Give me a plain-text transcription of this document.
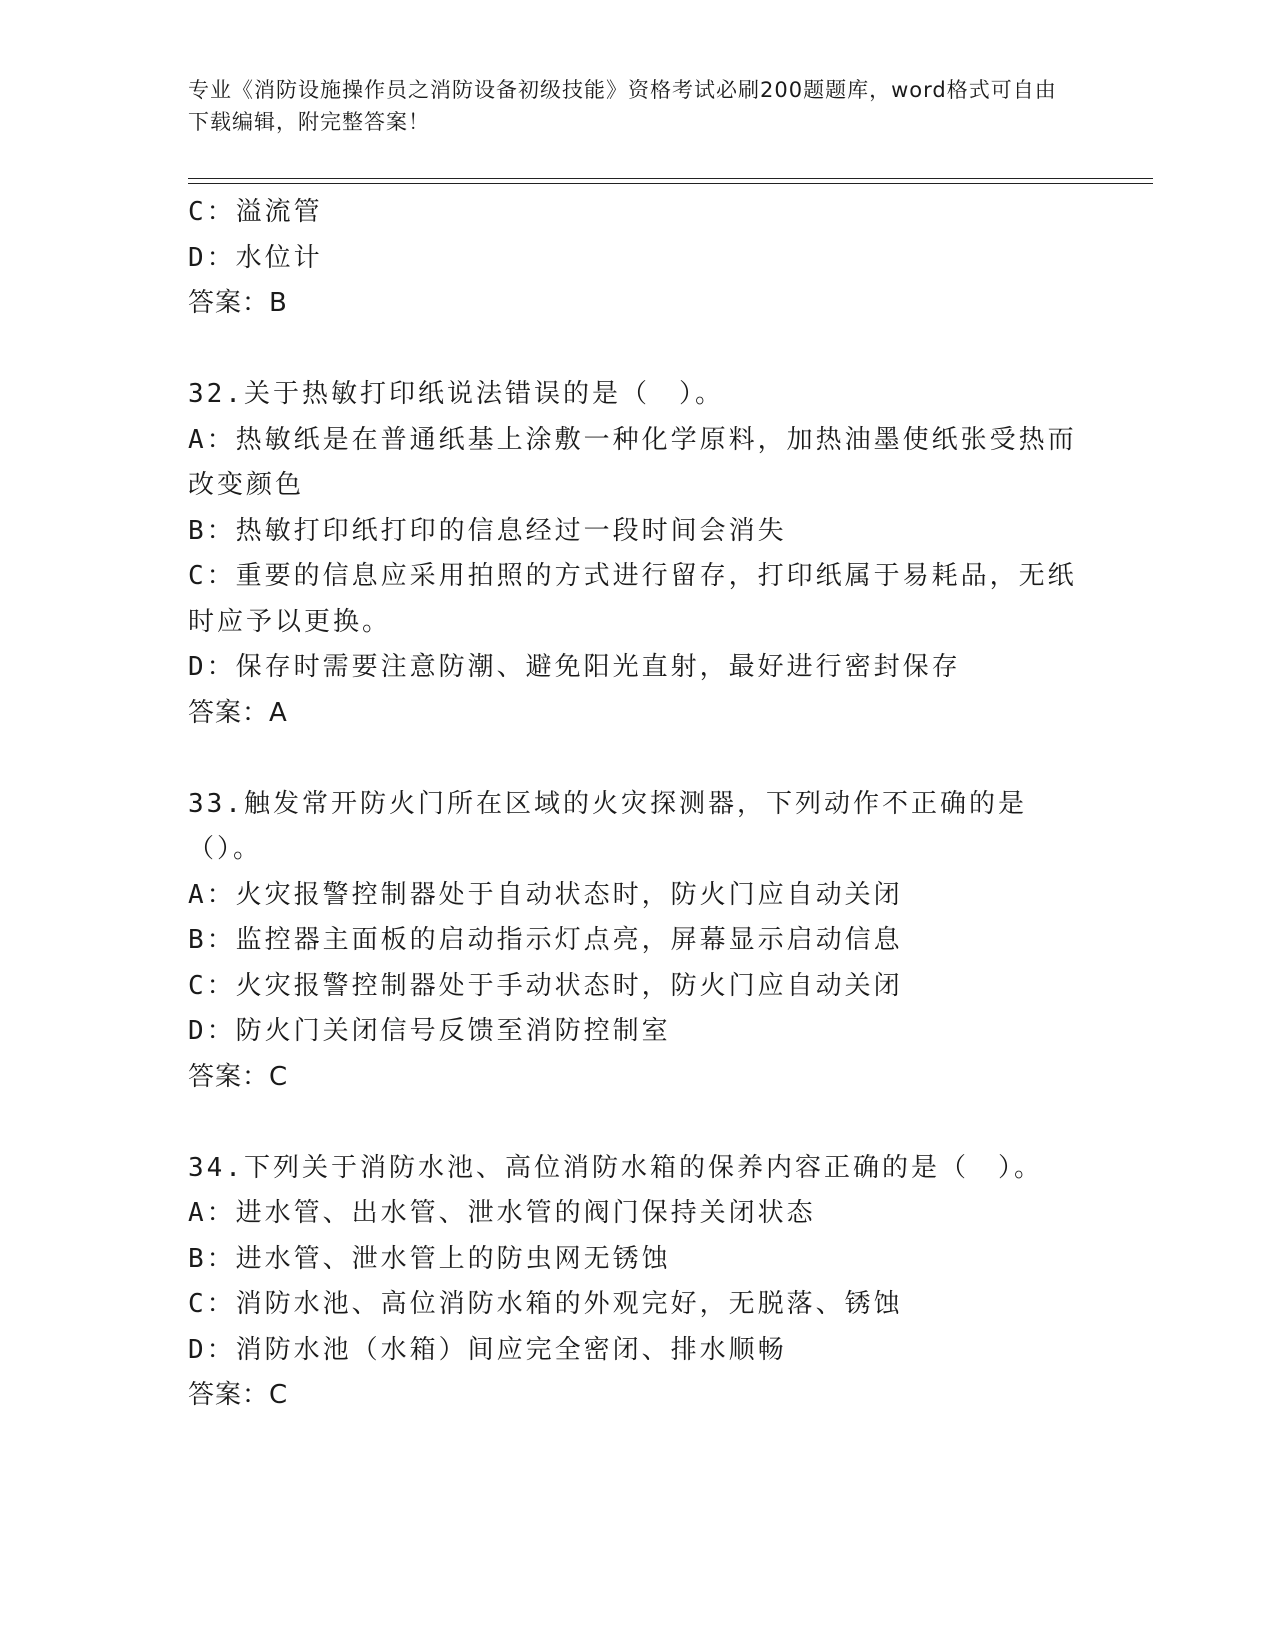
专业《消防设施操作员之消防设备初级技能》资格考试必刷200题题库，word格式可自由下载编辑，附完整答案！

C：溢流管

D：水位计

答案：B

32.关于热敏打印纸说法错误的是（　）。

A：热敏纸是在普通纸基上涂敷一种化学原料，加热油墨使纸张受热而改变颜色

B：热敏打印纸打印的信息经过一段时间会消失

C：重要的信息应采用拍照的方式进行留存，打印纸属于易耗品，无纸时应予以更换。

D：保存时需要注意防潮、避免阳光直射，最好进行密封保存

答案：A

33.触发常开防火门所在区域的火灾探测器，下列动作不正确的是（）。

A：火灾报警控制器处于自动状态时，防火门应自动关闭

B：监控器主面板的启动指示灯点亮，屏幕显示启动信息

C：火灾报警控制器处于手动状态时，防火门应自动关闭

D：防火门关闭信号反馈至消防控制室

答案：C

34.下列关于消防水池、高位消防水箱的保养内容正确的是（　）。

A：进水管、出水管、泄水管的阀门保持关闭状态

B：进水管、泄水管上的防虫网无锈蚀

C：消防水池、高位消防水箱的外观完好，无脱落、锈蚀

D：消防水池（水箱）间应完全密闭、排水顺畅

答案：C
